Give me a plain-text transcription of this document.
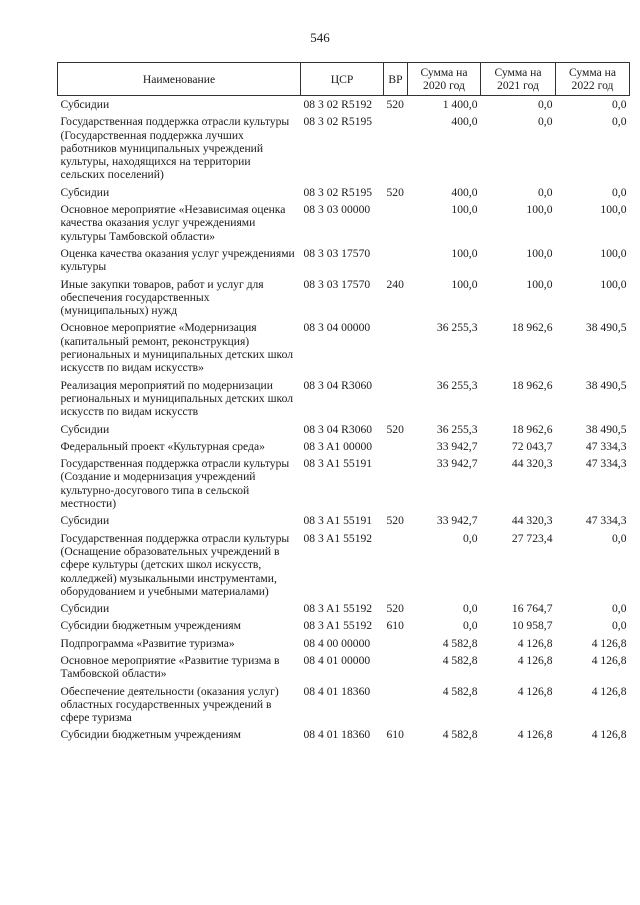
546
Наименование	ЦСР	ВР	Сумма на 2020 год	Сумма на 2021 год	Сумма на 2022 год
Субсидии	08 3 02 R5192	520	1 400,0	0,0	0,0
Государственная поддержка отрасли культуры (Государственная поддержка лучших работников муниципальных учреждений культуры, находящихся на территории сельских поселений)	08 3 02 R5195		400,0	0,0	0,0
Субсидии	08 3 02 R5195	520	400,0	0,0	0,0
Основное мероприятие «Независимая оценка качества оказания услуг учреждениями культуры Тамбовской области»	08 3 03 00000		100,0	100,0	100,0
Оценка качества оказания услуг учреждениями культуры	08 3 03 17570		100,0	100,0	100,0
Иные закупки товаров, работ и услуг для обеспечения государственных (муниципальных) нужд	08 3 03 17570	240	100,0	100,0	100,0
Основное мероприятие «Модернизация (капитальный ремонт, реконструкция) региональных и муниципальных детских школ искусств по видам искусств»	08 3 04 00000		36 255,3	18 962,6	38 490,5
Реализация мероприятий по модернизации региональных и муниципальных детских школ искусств по видам искусств	08 3 04 R3060		36 255,3	18 962,6	38 490,5
Субсидии	08 3 04 R3060	520	36 255,3	18 962,6	38 490,5
Федеральный проект «Культурная среда»	08 3 A1 00000		33 942,7	72 043,7	47 334,3
Государственная поддержка отрасли культуры (Создание и модернизация учреждений культурно-досугового типа в сельской местности)	08 3 A1 55191		33 942,7	44 320,3	47 334,3
Субсидии	08 3 A1 55191	520	33 942,7	44 320,3	47 334,3
Государственная поддержка отрасли культуры (Оснащение образовательных учреждений в сфере культуры (детских школ искусств, колледжей) музыкальными инструментами, оборудованием и учебными материалами)	08 3 A1 55192		0,0	27 723,4	0,0
Субсидии	08 3 A1 55192	520	0,0	16 764,7	0,0
Субсидии бюджетным учреждениям	08 3 A1 55192	610	0,0	10 958,7	0,0
Подпрограмма «Развитие туризма»	08 4 00 00000		4 582,8	4 126,8	4 126,8
Основное мероприятие «Развитие туризма в Тамбовской области»	08 4 01 00000		4 582,8	4 126,8	4 126,8
Обеспечение деятельности (оказания услуг) областных государственных учреждений в сфере туризма	08 4 01 18360		4 582,8	4 126,8	4 126,8
Субсидии бюджетным учреждениям	08 4 01 18360	610	4 582,8	4 126,8	4 126,8
